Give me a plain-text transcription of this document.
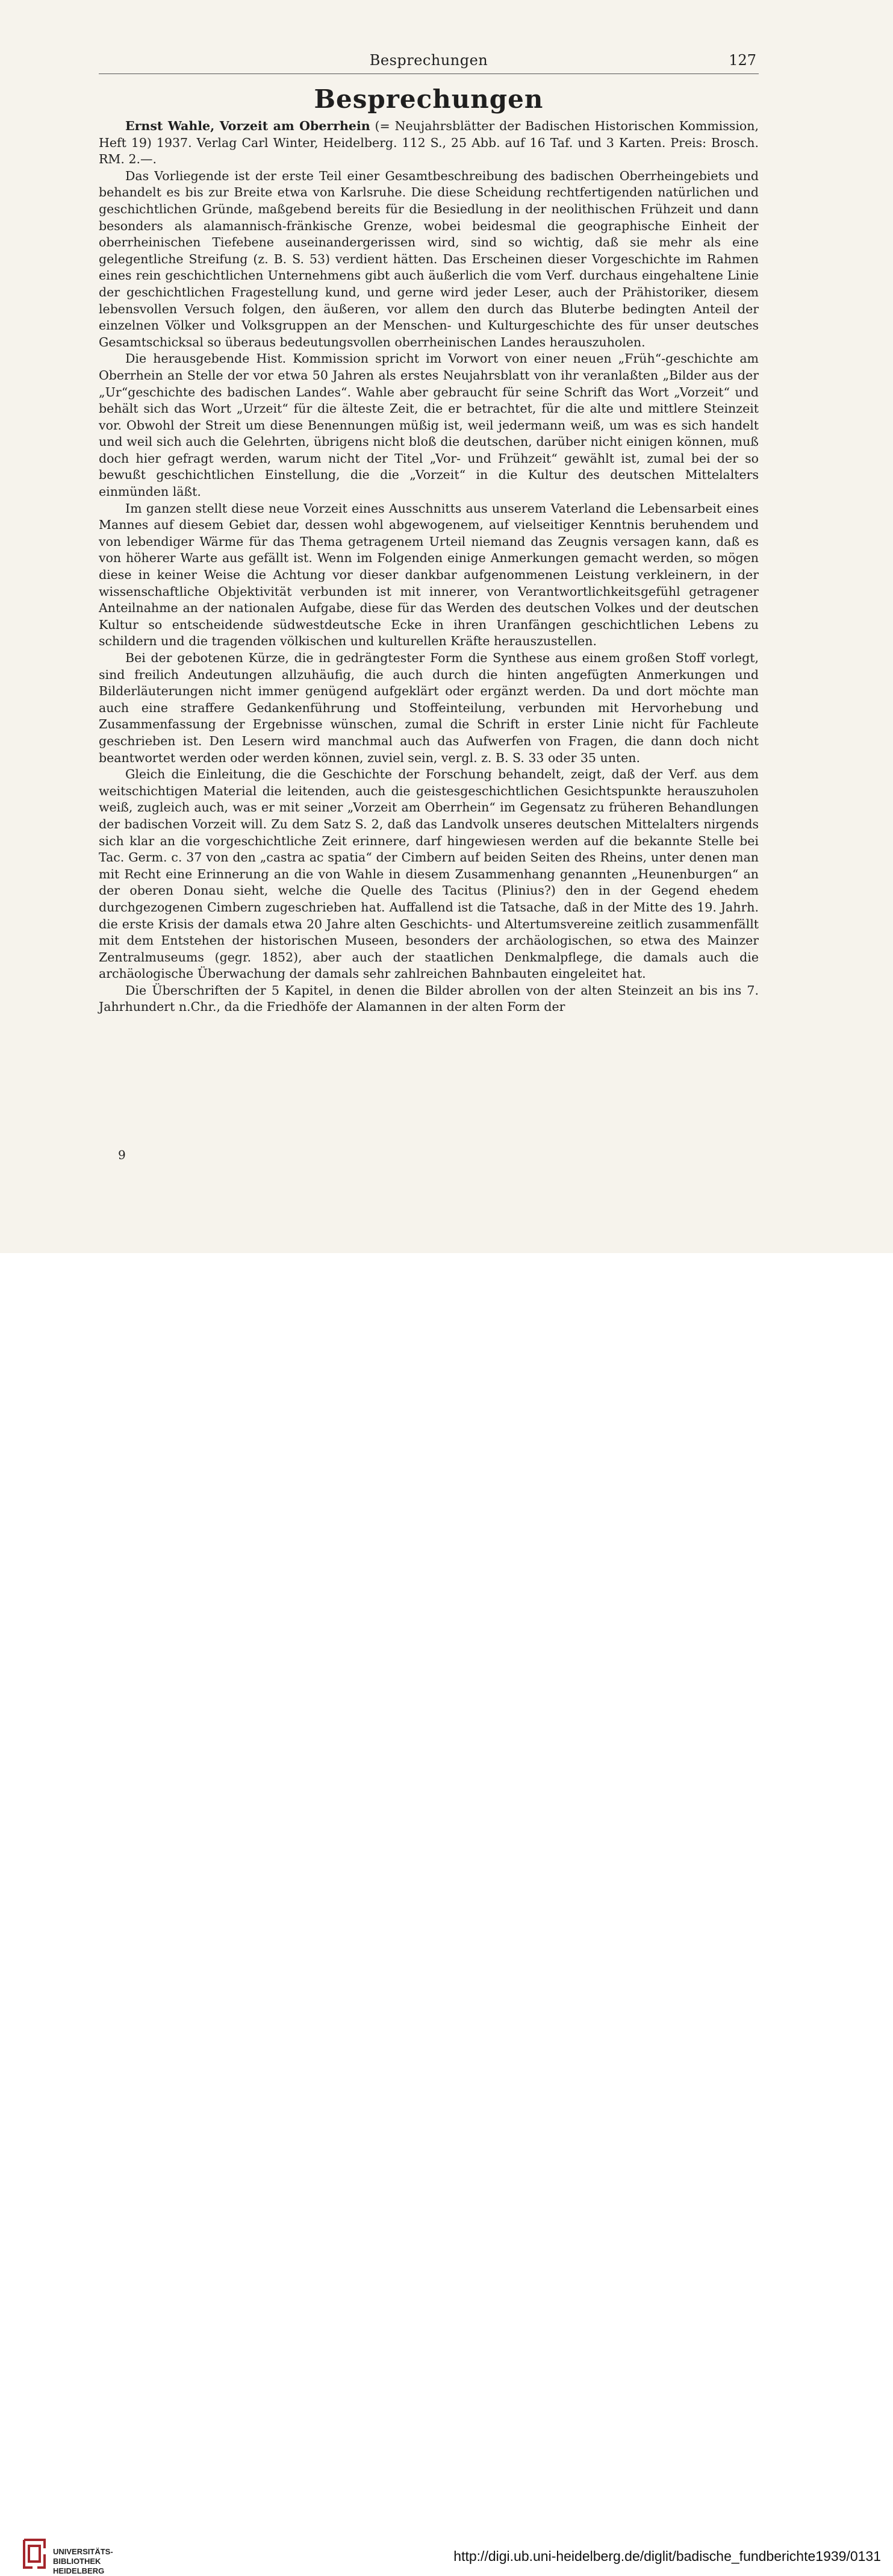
Besprechungen	127
Besprechungen

Ernst Wahle, Vorzeit am Oberrhein (= Neujahrsblätter der Badischen Historischen Kommission, Heft 19) 1937. Verlag Carl Winter, Heidelberg. 112 S., 25 Abb. auf 16 Taf. und 3 Karten. Preis: Brosch. RM. 2.—.

Das Vorliegende ist der erste Teil einer Gesamtbeschreibung des badischen Oberrheingebiets und behandelt es bis zur Breite etwa von Karlsruhe. Die diese Scheidung rechtfertigenden natürlichen und geschichtlichen Gründe, maßgebend bereits für die Besiedlung in der neolithischen Frühzeit und dann besonders als alamannisch-fränkische Grenze, wobei beidesmal die geographische Einheit der oberrheinischen Tiefebene auseinandergerissen wird, sind so wichtig, daß sie mehr als eine gelegentliche Streifung (z. B. S. 53) verdient hätten. Das Erscheinen dieser Vorgeschichte im Rahmen eines rein geschichtlichen Unternehmens gibt auch äußerlich die vom Verf. durchaus eingehaltene Linie der geschichtlichen Fragestellung kund, und gerne wird jeder Leser, auch der Prähistoriker, diesem lebensvollen Versuch folgen, den äußeren, vor allem den durch das Bluterbe bedingten Anteil der einzelnen Völker und Volksgruppen an der Menschen- und Kulturgeschichte des für unser deutsches Gesamtschicksal so überaus bedeutungsvollen oberrheinischen Landes herauszuholen.

Die herausgebende Hist. Kommission spricht im Vorwort von einer neuen „Früh“-geschichte am Oberrhein an Stelle der vor etwa 50 Jahren als erstes Neujahrsblatt von ihr veranlaßten „Bilder aus der „Ur“geschichte des badischen Landes“. Wahle aber gebraucht für seine Schrift das Wort „Vorzeit“ und behält sich das Wort „Urzeit“ für die älteste Zeit, die er betrachtet, für die alte und mittlere Steinzeit vor. Obwohl der Streit um diese Benennungen müßig ist, weil jedermann weiß, um was es sich handelt und weil sich auch die Gelehrten, übrigens nicht bloß die deutschen, darüber nicht einigen können, muß doch hier gefragt werden, warum nicht der Titel „Vor- und Frühzeit“ gewählt ist, zumal bei der so bewußt geschichtlichen Einstellung, die die „Vorzeit“ in die Kultur des deutschen Mittelalters einmünden läßt.

Im ganzen stellt diese neue Vorzeit eines Ausschnitts aus unserem Vaterland die Lebensarbeit eines Mannes auf diesem Gebiet dar, dessen wohl abgewogenem, auf vielseitiger Kenntnis beruhendem und von lebendiger Wärme für das Thema getragenem Urteil niemand das Zeugnis versagen kann, daß es von höherer Warte aus gefällt ist. Wenn im Folgenden einige Anmerkungen gemacht werden, so mögen diese in keiner Weise die Achtung vor dieser dankbar aufgenommenen Leistung verkleinern, in der wissenschaftliche Objektivität verbunden ist mit innerer, von Verantwortlichkeitsgefühl getragener Anteilnahme an der nationalen Aufgabe, diese für das Werden des deutschen Volkes und der deutschen Kultur so entscheidende südwestdeutsche Ecke in ihren Uranfängen geschichtlichen Lebens zu schildern und die tragenden völkischen und kulturellen Kräfte herauszustellen.

Bei der gebotenen Kürze, die in gedrängtester Form die Synthese aus einem großen Stoff vorlegt, sind freilich Andeutungen allzuhäufig, die auch durch die hinten angefügten Anmerkungen und Bilderläuterungen nicht immer genügend aufgeklärt oder ergänzt werden. Da und dort möchte man auch eine straffere Gedankenführung und Stoffeinteilung, verbunden mit Hervorhebung und Zusammenfassung der Ergebnisse wünschen, zumal die Schrift in erster Linie nicht für Fachleute geschrieben ist. Den Lesern wird manchmal auch das Aufwerfen von Fragen, die dann doch nicht beantwortet werden oder werden können, zuviel sein, vergl. z. B. S. 33 oder 35 unten.

Gleich die Einleitung, die die Geschichte der Forschung behandelt, zeigt, daß der Verf. aus dem weitschichtigen Material die leitenden, auch die geistesgeschichtlichen Gesichtspunkte herauszuholen weiß, zugleich auch, was er mit seiner „Vorzeit am Oberrhein“ im Gegensatz zu früheren Behandlungen der badischen Vorzeit will. Zu dem Satz S. 2, daß das Landvolk unseres deutschen Mittelalters nirgends sich klar an die vorgeschichtliche Zeit erinnere, darf hingewiesen werden auf die bekannte Stelle bei Tac. Germ. c. 37 von den „castra ac spatia“ der Cimbern auf beiden Seiten des Rheins, unter denen man mit Recht eine Erinnerung an die von Wahle in diesem Zusammenhang genannten „Heunenburgen“ an der oberen Donau sieht, welche die Quelle des Tacitus (Plinius?) den in der Gegend ehedem durchgezogenen Cimbern zugeschrieben hat. Auffallend ist die Tatsache, daß in der Mitte des 19. Jahrh. die erste Krisis der damals etwa 20 Jahre alten Geschichts- und Altertumsvereine zeitlich zusammenfällt mit dem Entstehen der historischen Museen, besonders der archäologischen, so etwa des Mainzer Zentralmuseums (gegr. 1852), aber auch der staatlichen Denkmalpflege, die damals auch die archäologische Überwachung der damals sehr zahlreichen Bahnbauten eingeleitet hat.

Die Überschriften der 5 Kapitel, in denen die Bilder abrollen von der alten Steinzeit an bis ins 7. Jahrhundert n.Chr., da die Friedhöfe der Alamannen in der alten Form der

9
UNIVERSITÄTS-
BIBLIOTHEK
HEIDELBERG
http://digi.ub.uni-heidelberg.de/diglit/badische_fundberichte1939/0131
